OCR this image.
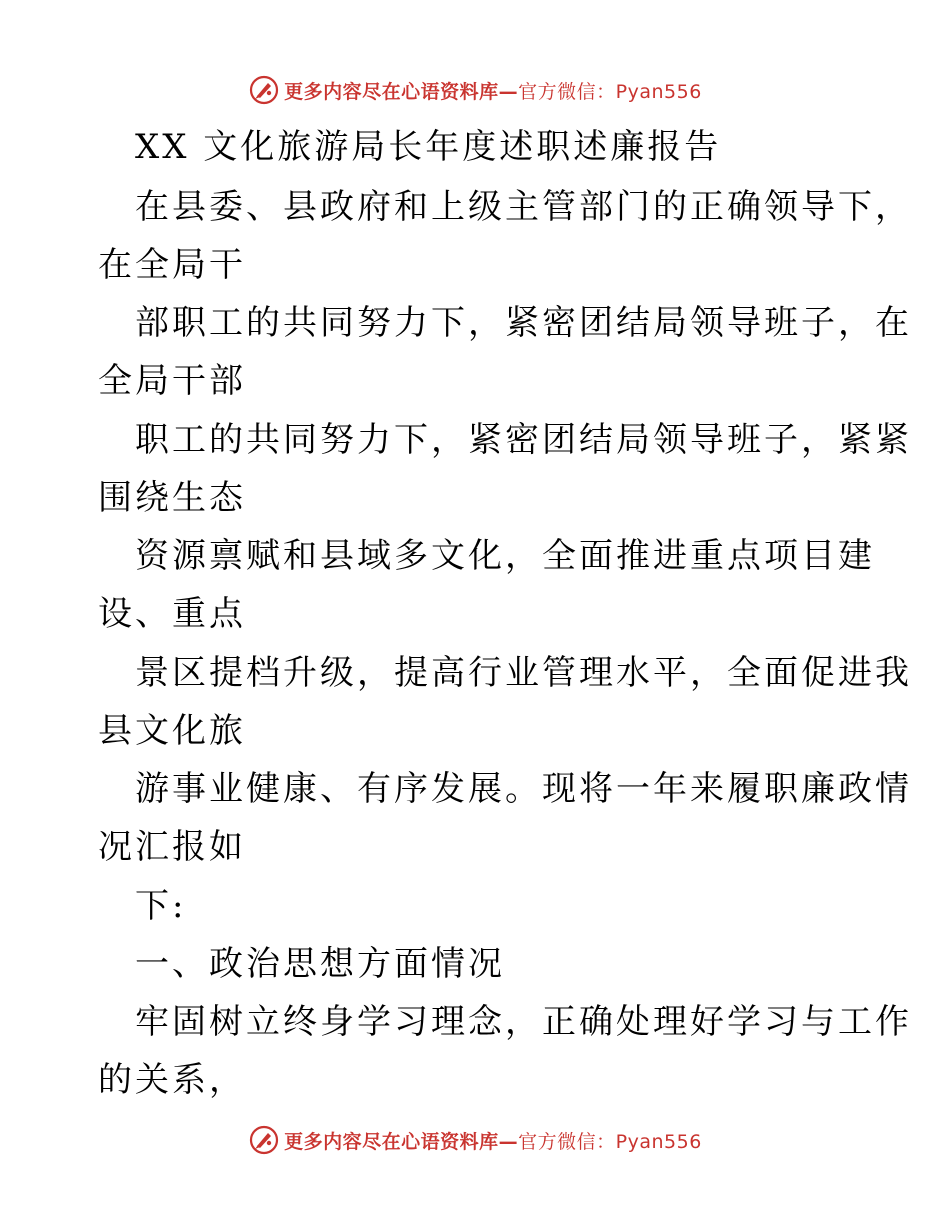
更多内容尽在心语资料库—官方微信：Pyan556
XX 文化旅游局长年度述职述廉报告
在县委、县政府和上级主管部门的正确领导下，
在全局干
部职工的共同努力下，紧密团结局领导班子，在
全局干部
职工的共同努力下，紧密团结局领导班子，紧紧
围绕生态
资源禀赋和县域多文化，全面推进重点项目建
设、重点
景区提档升级，提高行业管理水平，全面促进我
县文化旅
游事业健康、有序发展。现将一年来履职廉政情
况汇报如
下:
一、政治思想方面情况
牢固树立终身学习理念，正确处理好学习与工作
的关系，
更多内容尽在心语资料库—官方微信：Pyan556
